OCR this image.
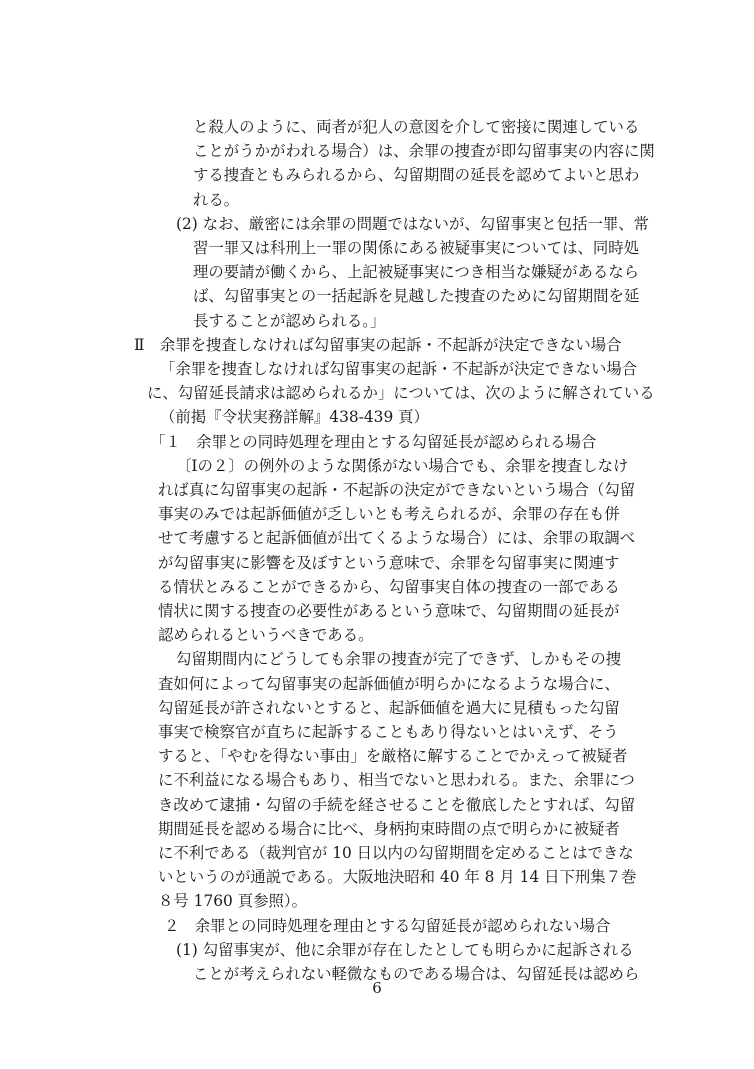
と殺人のように、両者が犯人の意図を介して密接に関連している
ことがうかがわれる場合）は、余罪の捜査が即勾留事実の内容に関
する捜査ともみられるから、勾留期間の延長を認めてよいと思わ
れる。
(2) なお、厳密には余罪の問題ではないが、勾留事実と包括一罪、常
習一罪又は科刑上一罪の関係にある被疑事実については、同時処
理の要請が働くから、上記被疑事実につき相当な嫌疑があるなら
ば、勾留事実との一括起訴を見越した捜査のために勾留期間を延
長することが認められる。」
Ⅱ　余罪を捜査しなければ勾留事実の起訴・不起訴が決定できない場合
「余罪を捜査しなければ勾留事実の起訴・不起訴が決定できない場合
に、勾留延長請求は認められるか」については、次のように解されている
（前掲『令状実務詳解』438-439 頁）
「１　余罪との同時処理を理由とする勾留延長が認められる場合
〔Ⅰの２〕の例外のような関係がない場合でも、余罪を捜査しなけ
れば真に勾留事実の起訴・不起訴の決定ができないという場合（勾留
事実のみでは起訴価値が乏しいとも考えられるが、余罪の存在も併
せて考慮すると起訴価値が出てくるような場合）には、余罪の取調べ
が勾留事実に影響を及ぼすという意味で、余罪を勾留事実に関連す
る情状とみることができるから、勾留事実自体の捜査の一部である
情状に関する捜査の必要性があるという意味で、勾留期間の延長が
認められるというべきである。
勾留期間内にどうしても余罪の捜査が完了できず、しかもその捜
査如何によって勾留事実の起訴価値が明らかになるような場合に、
勾留延長が許されないとすると、起訴価値を過大に見積もった勾留
事実で検察官が直ちに起訴することもあり得ないとはいえず、そう
すると、「やむを得ない事由」を厳格に解することでかえって被疑者
に不利益になる場合もあり、相当でないと思われる。また、余罪につ
き改めて逮捕・勾留の手続を経させることを徹底したとすれば、勾留
期間延長を認める場合に比べ、身柄拘束時間の点で明らかに被疑者
に不利である（裁判官が 10 日以内の勾留期間を定めることはできな
いというのが通説である。大阪地決昭和 40 年 8 月 14 日下刑集７巻
８号 1760 頁参照）。
２　余罪との同時処理を理由とする勾留延長が認められない場合
(1) 勾留事実が、他に余罪が存在したとしても明らかに起訴される
ことが考えられない軽微なものである場合は、勾留延長は認めら
6
